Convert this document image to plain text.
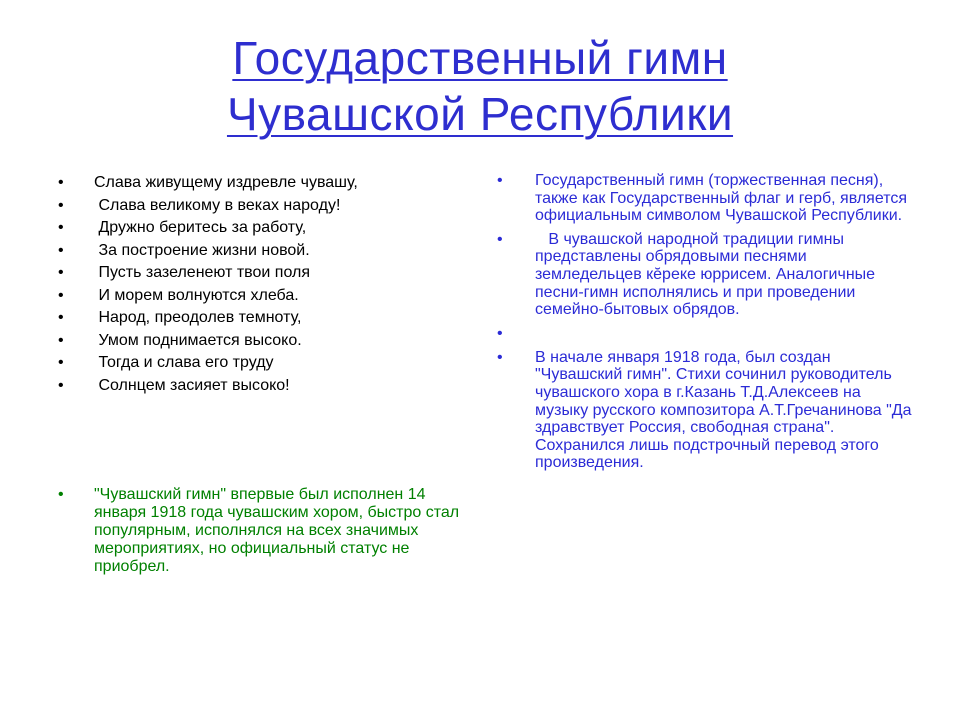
Государственный гимн
Чувашской Республики
• Слава живущему издревле чувашу,
• Слава великому в веках народу!
• Дружно беритесь за работу,
• За построение жизни новой.
• Пусть зазеленеют твои поля
• И морем волнуются хлеба.
• Народ, преодолев темноту,
• Умом поднимается высоко.
• Тогда и слава его труду
• Солнцем засияет высоко!
• "Чувашский гимн" впервые был исполнен 14 января 1918 года чувашским хором, быстро стал популярным, исполнялся на всех значимых мероприятиях, но официальный статус не приобрел.
• Государственный гимн (торжественная песня), также как Государственный флаг и герб, является официальным символом Чувашской Республики.
• В чувашской народной традиции гимны представлены обрядовыми песнями земледельцев кĕреке юррисем. Аналогичные песни-гимн исполнялись и при проведении семейно-бытовых обрядов.
•
• В начале января 1918 года, был создан "Чувашский гимн". Стихи сочинил руководитель чувашского хора в г.Казань Т.Д.Алексеев на музыку русского композитора А.Т.Гречанинова "Да здравствует Россия, свободная страна". Сохранился лишь подстрочный перевод этого произведения.
